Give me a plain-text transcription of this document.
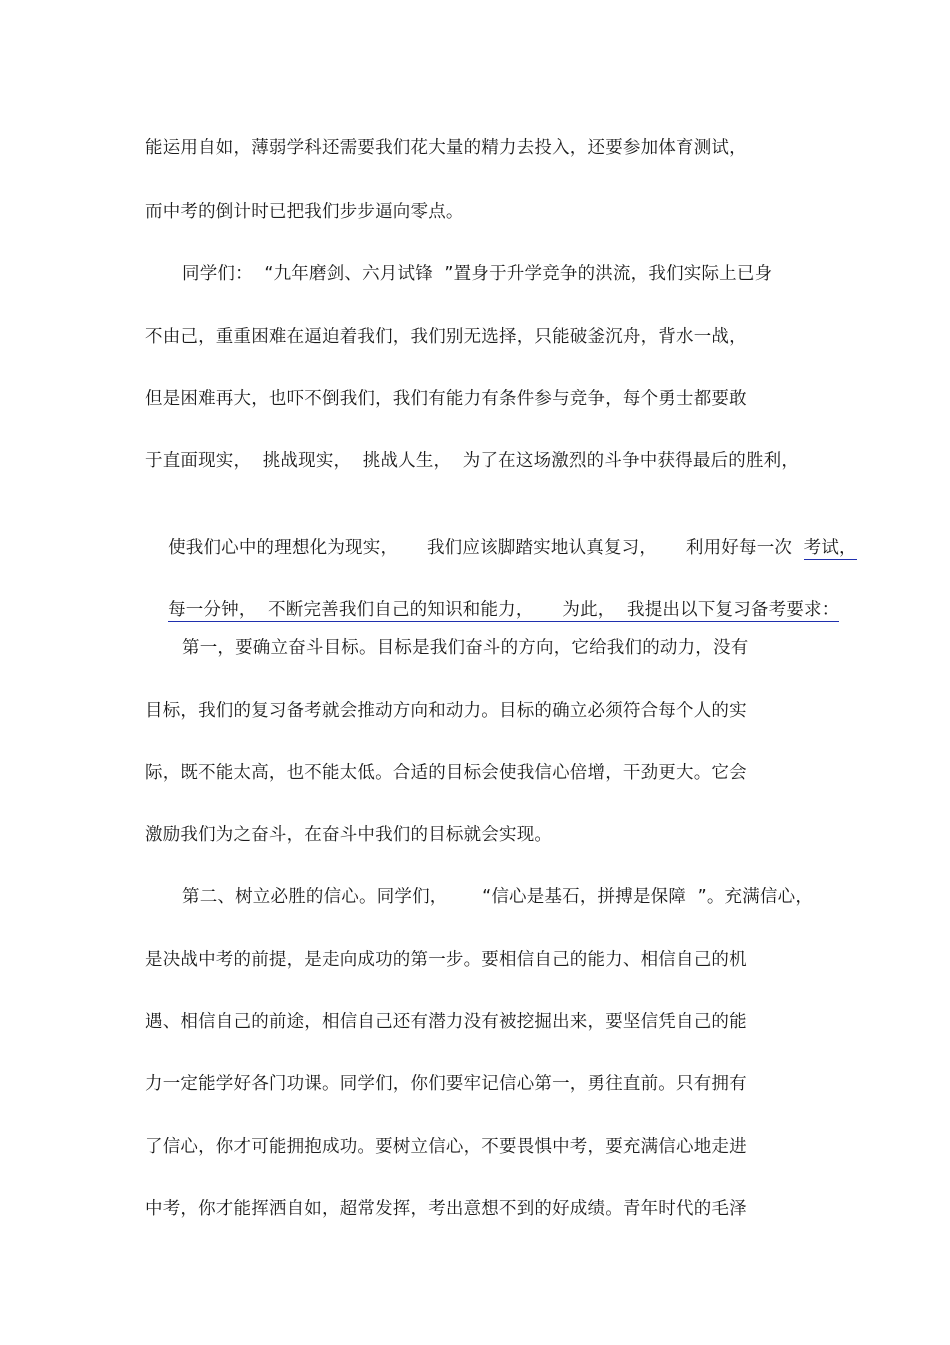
能运用自如，薄弱学科还需要我们花大量的精力去投入，还要参加体育测试，
而中考的倒计时已把我们步步逼向零点。
同学们：  “九年磨剑、六月试锋  ”置身于升学竞争的洪流，我们实际上已身
不由己，重重困难在逼迫着我们，我们别无选择，只能破釜沉舟，背水一战，
但是困难再大，也吓不倒我们，我们有能力有条件参与竞争，每个勇士都要敢
于直面现实，  挑战现实，  挑战人生，  为了在这场激烈的斗争中获得最后的胜利，

使我们心中的理想化为现实，     我们应该脚踏实地认真复习，     利用好每一次  考试，

每一分钟，  不断完善我们自己的知识和能力，     为此，  我提出以下复习备考要求：

第一，要确立奋斗目标。目标是我们奋斗的方向，它给我们的动力，没有
目标，我们的复习备考就会推动方向和动力。目标的确立必须符合每个人的实
际，既不能太高，也不能太低。合适的目标会使我信心倍增，干劲更大。它会
激励我们为之奋斗，在奋斗中我们的目标就会实现。
第二、树立必胜的信心。同学们，      “信心是基石，拼搏是保障  ”。充满信心，
是决战中考的前提，是走向成功的第一步。要相信自己的能力、相信自己的机
遇、相信自己的前途，相信自己还有潜力没有被挖掘出来，要坚信凭自己的能
力一定能学好各门功课。同学们，你们要牢记信心第一，勇往直前。只有拥有
了信心，你才可能拥抱成功。要树立信心，不要畏惧中考，要充满信心地走进
中考，你才能挥洒自如，超常发挥，考出意想不到的好成绩。青年时代的毛泽
